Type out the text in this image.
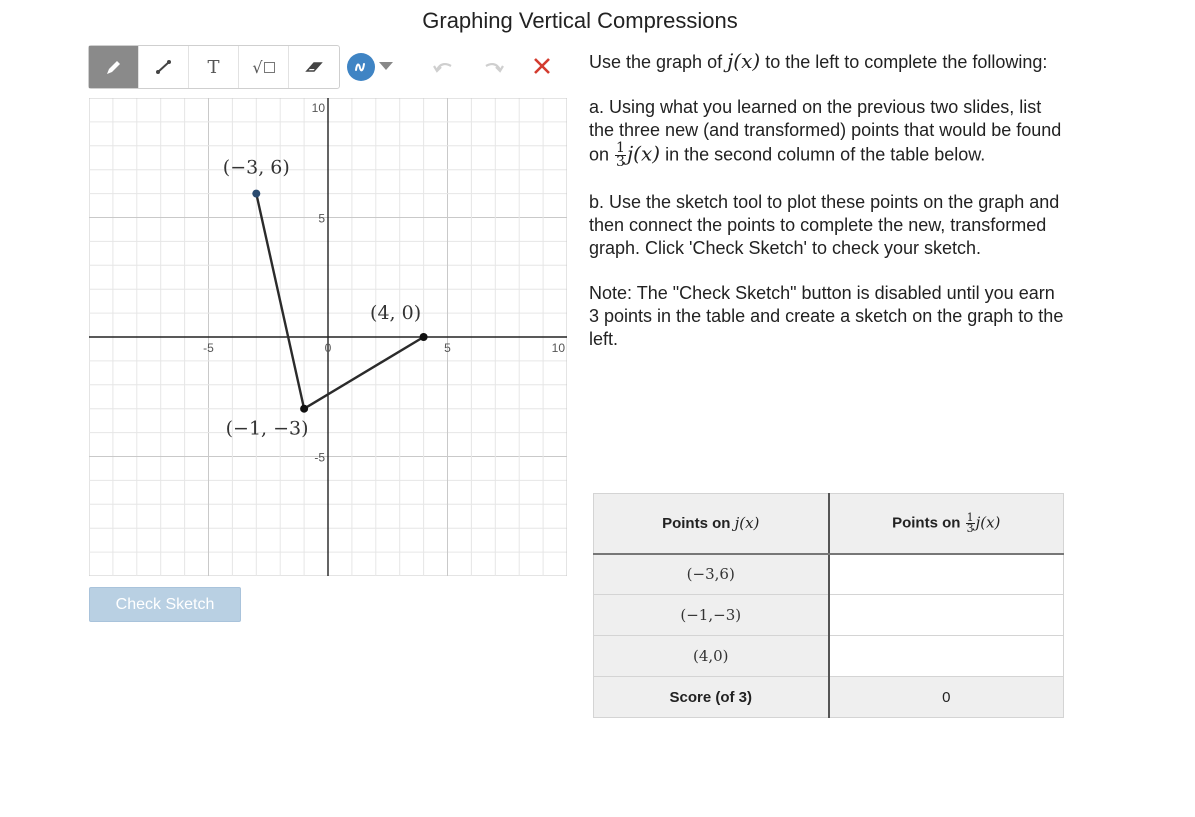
Graphing Vertical Compressions
T	√
-5	0	5	10
10
5
-5
(−3, 6)
(−1, −3)
(4, 0)
Check Sketch

Use the graph of j(x) to the left to complete the following:

a. Using what you learned on the previous two slides, list the three new (and transformed) points that would be found on $\frac{1}{3} j(x)$ in the second column of the table below.

b. Use the sketch tool to plot these points on the graph and then connect the points to complete the new, transformed graph. Click 'Check Sketch' to check your sketch.

Note: The "Check Sketch" button is disabled until you earn 3 points in the table and create a sketch on the graph to the left.

Points on j(x)	Points on $\frac{1}{3} j(x)$
(−3,6)	
(−1,−3)	
(4,0)	
Score (of 3)	0
